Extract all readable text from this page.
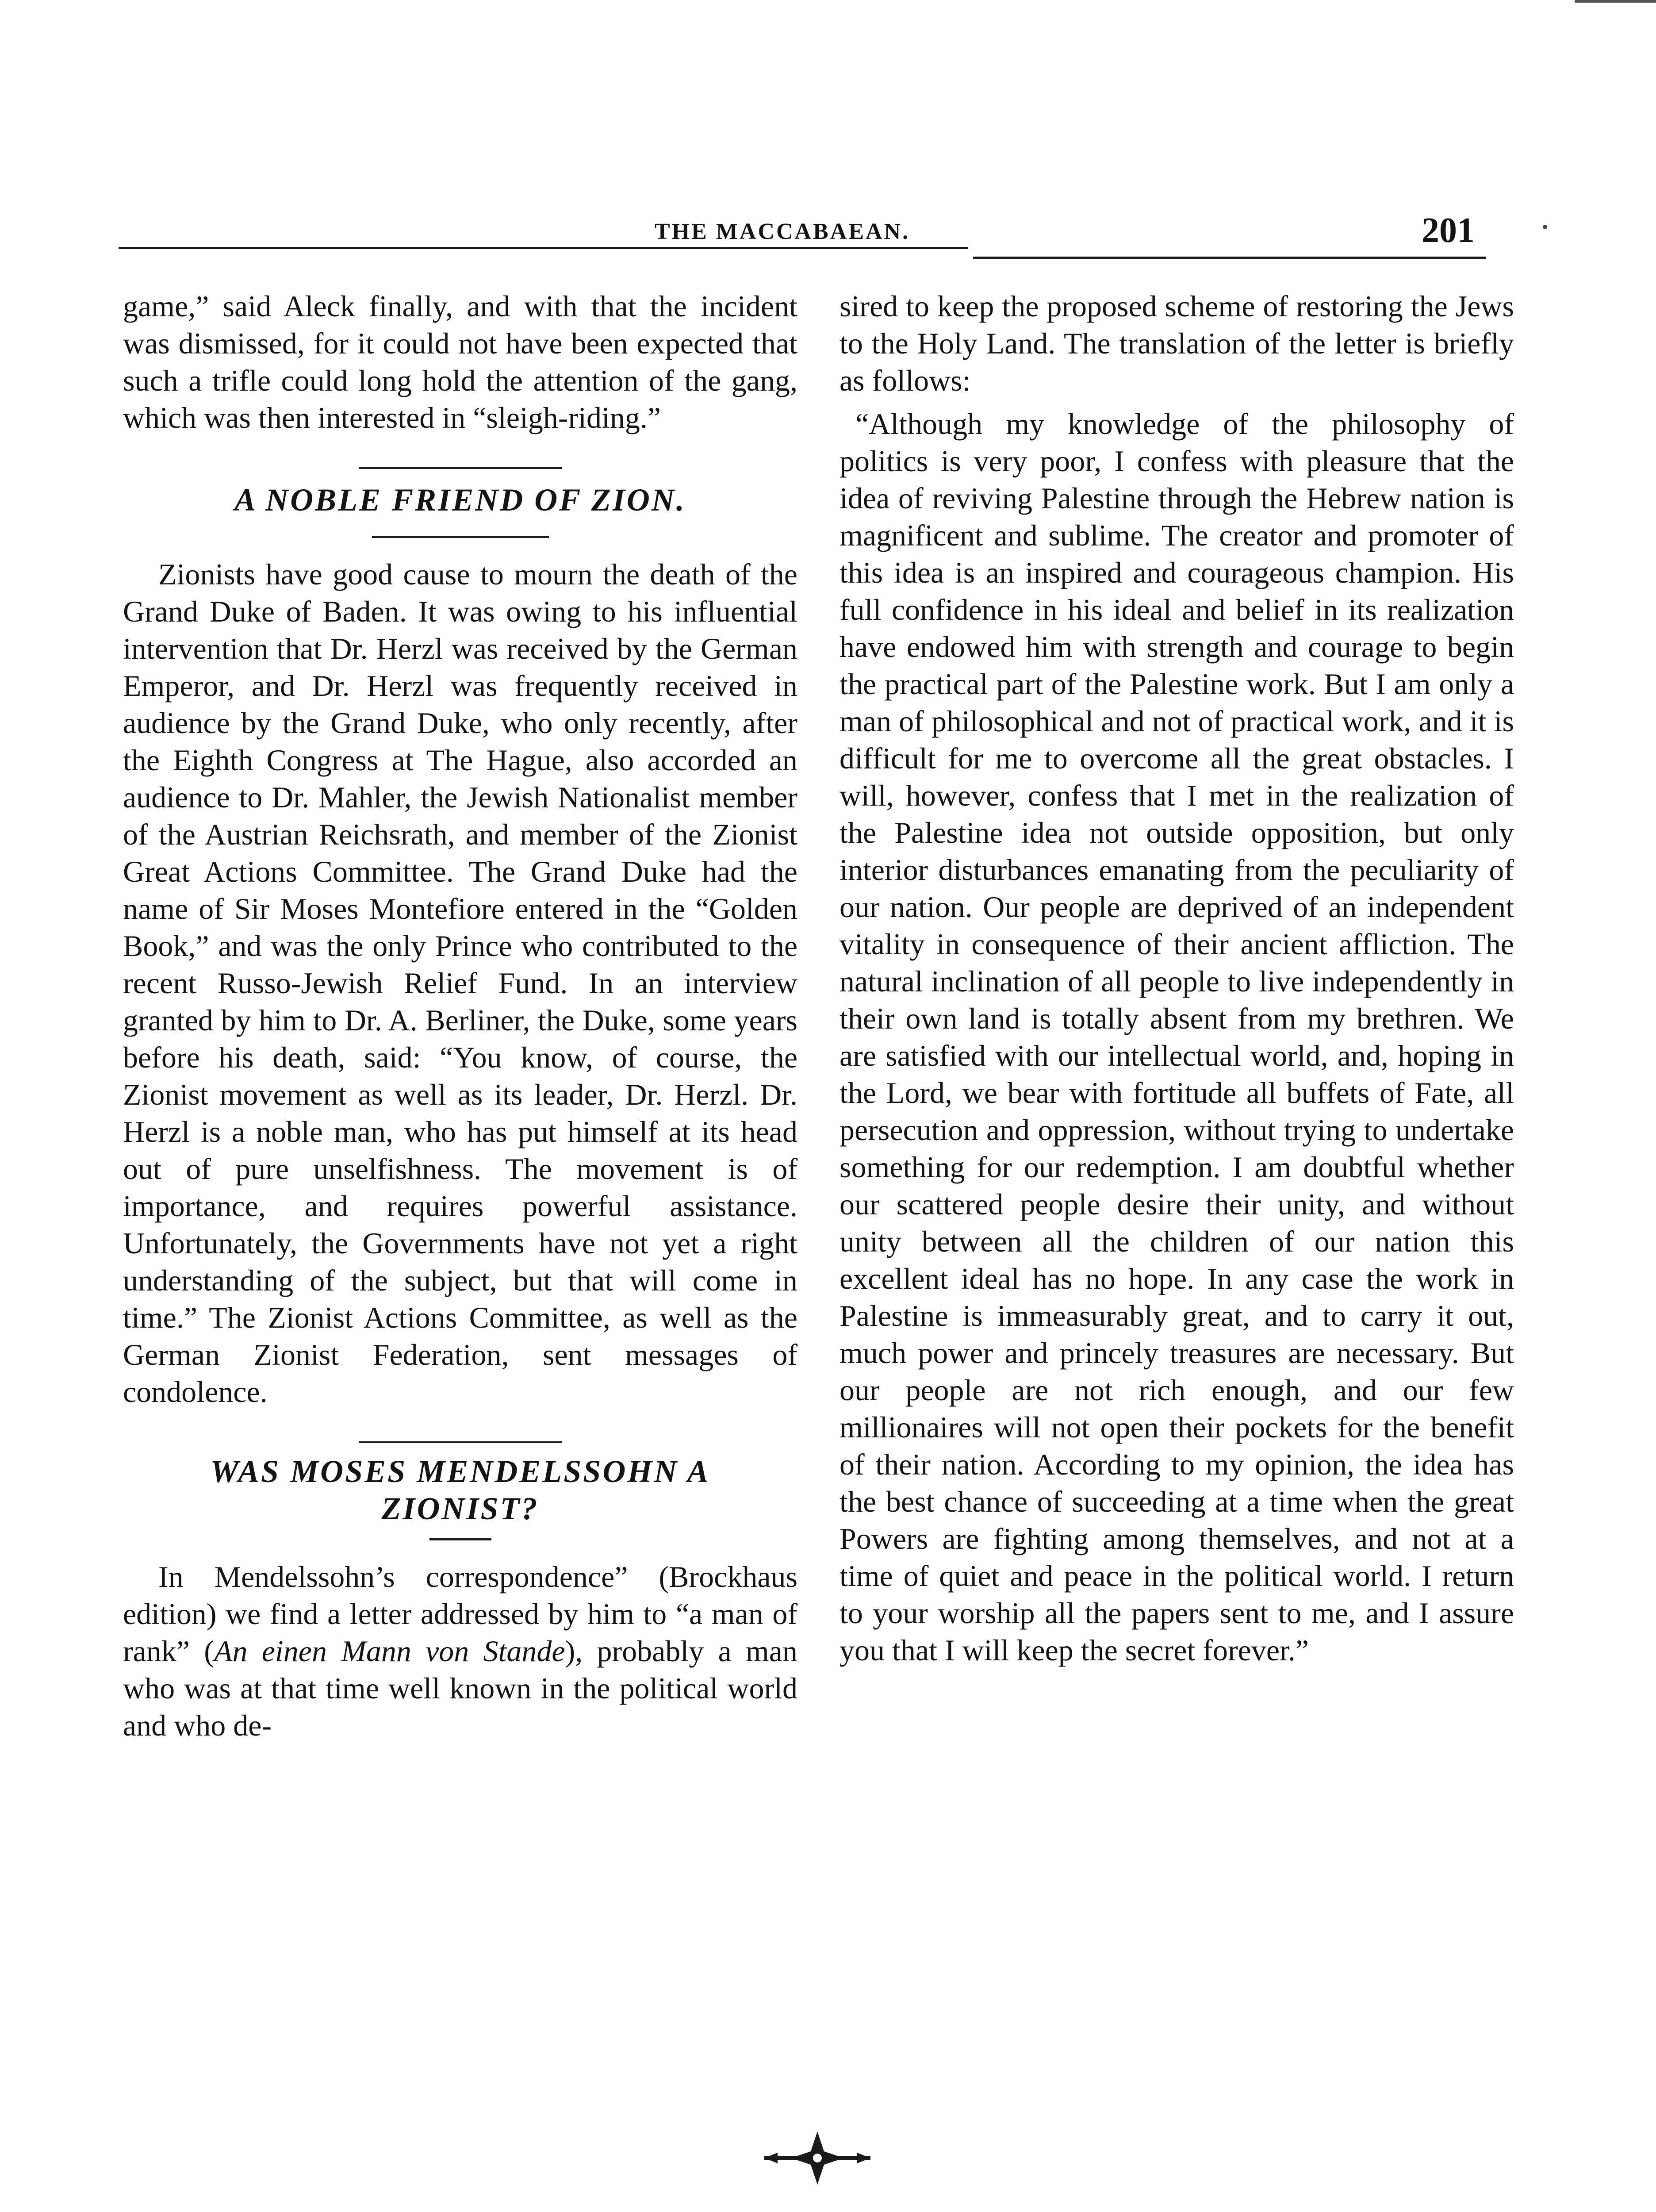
THE MACCABAEAN.	201

game,” said Aleck finally, and with that the incident was dismissed, for it could not have been expected that such a trifle could long hold the attention of the gang, which was then interested in “sleigh-riding.”

A NOBLE FRIEND OF ZION.

Zionists have good cause to mourn the death of the Grand Duke of Baden. It was owing to his influential intervention that Dr. Herzl was received by the German Emperor, and Dr. Herzl was frequently received in audience by the Grand Duke, who only recently, after the Eighth Congress at The Hague, also accorded an audience to Dr. Mahler, the Jewish Nationalist member of the Austrian Reichsrath, and member of the Zionist Great Actions Committee. The Grand Duke had the name of Sir Moses Montefiore entered in the “Golden Book,” and was the only Prince who contributed to the recent Russo-Jewish Relief Fund. In an interview granted by him to Dr. A. Berliner, the Duke, some years before his death, said: “You know, of course, the Zionist movement as well as its leader, Dr. Herzl. Dr. Herzl is a noble man, who has put himself at its head out of pure unselfishness. The movement is of importance, and requires powerful assistance. Unfortunately, the Governments have not yet a right understanding of the subject, but that will come in time.” The Zionist Actions Committee, as well as the German Zionist Federation, sent messages of condolence.

WAS MOSES MENDELSSOHN A
ZIONIST?

In Mendelssohn’s correspondence” (Brockhaus edition) we find a letter addressed by him to “a man of rank” (An einen Mann von Stande), probably a man who was at that time well known in the political world and who de-

sired to keep the proposed scheme of restoring the Jews to the Holy Land. The translation of the letter is briefly as follows:

“Although my knowledge of the philosophy of politics is very poor, I confess with pleasure that the idea of reviving Palestine through the Hebrew nation is magnificent and sublime. The creator and promoter of this idea is an inspired and courageous champion. His full confidence in his ideal and belief in its realization have endowed him with strength and courage to begin the practical part of the Palestine work. But I am only a man of philosophical and not of practical work, and it is difficult for me to overcome all the great obstacles. I will, however, confess that I met in the realization of the Palestine idea not outside opposition, but only interior disturbances emanating from the peculiarity of our nation. Our people are deprived of an independent vitality in consequence of their ancient affliction. The natural inclination of all people to live independently in their own land is totally absent from my brethren. We are satisfied with our intellectual world, and, hoping in the Lord, we bear with fortitude all buffets of Fate, all persecution and oppression, without trying to undertake something for our redemption. I am doubtful whether our scattered people desire their unity, and without unity between all the children of our nation this excellent ideal has no hope. In any case the work in Palestine is immeasurably great, and to carry it out, much power and princely treasures are necessary. But our people are not rich enough, and our few millionaires will not open their pockets for the benefit of their nation. According to my opinion, the idea has the best chance of succeeding at a time when the great Powers are fighting among themselves, and not at a time of quiet and peace in the political world. I return to your worship all the papers sent to me, and I assure you that I will keep the secret forever.”
